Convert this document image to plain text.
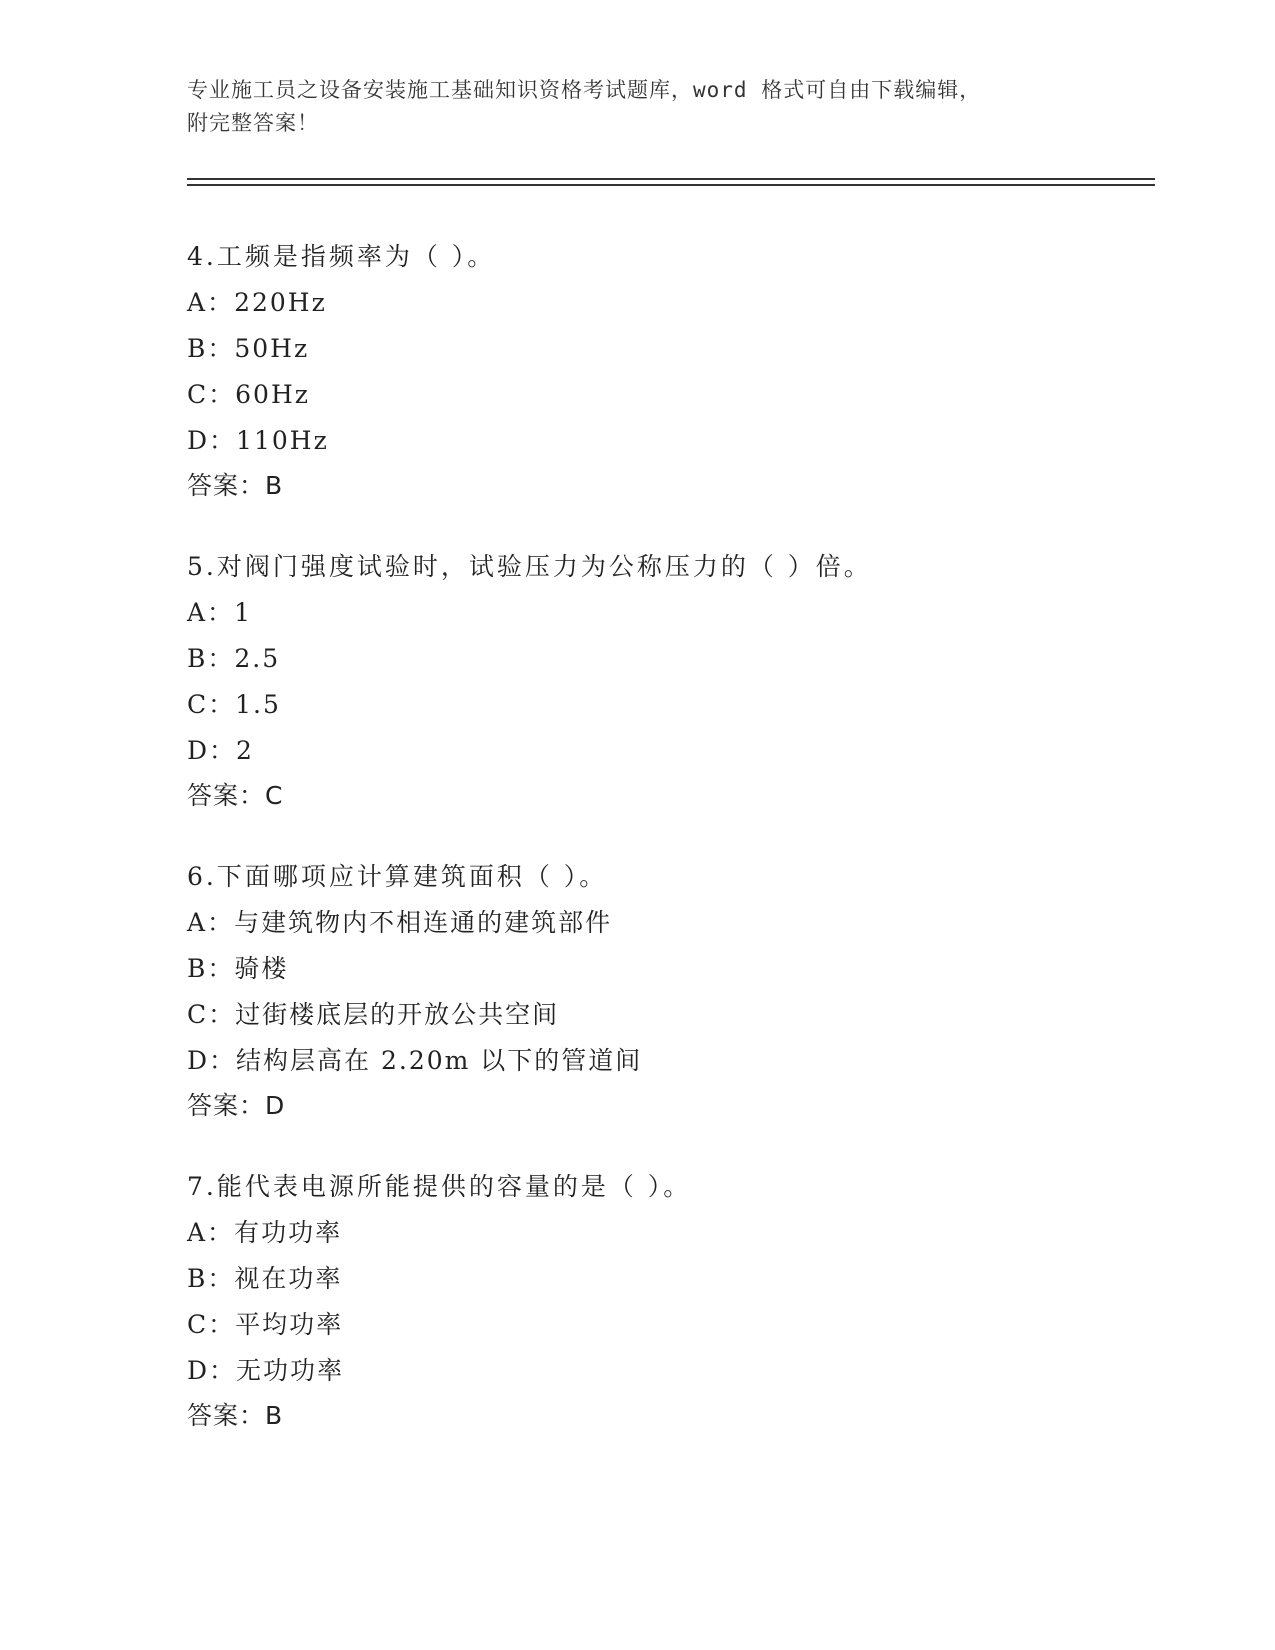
专业施工员之设备安装施工基础知识资格考试题库，word 格式可自由下载编辑，
附完整答案！
4.工频是指频率为（ ）。
A：220Hz
B：50Hz
C：60Hz
D：110Hz
答案：B
5.对阀门强度试验时，试验压力为公称压力的（ ）倍。
A：1
B：2.5
C：1.5
D：2
答案：C
6.下面哪项应计算建筑面积（ ）。
A：与建筑物内不相连通的建筑部件
B：骑楼
C：过街楼底层的开放公共空间
D：结构层高在 2.20m 以下的管道间
答案：D
7.能代表电源所能提供的容量的是（ ）。
A：有功功率
B：视在功率
C：平均功率
D：无功功率
答案：B
